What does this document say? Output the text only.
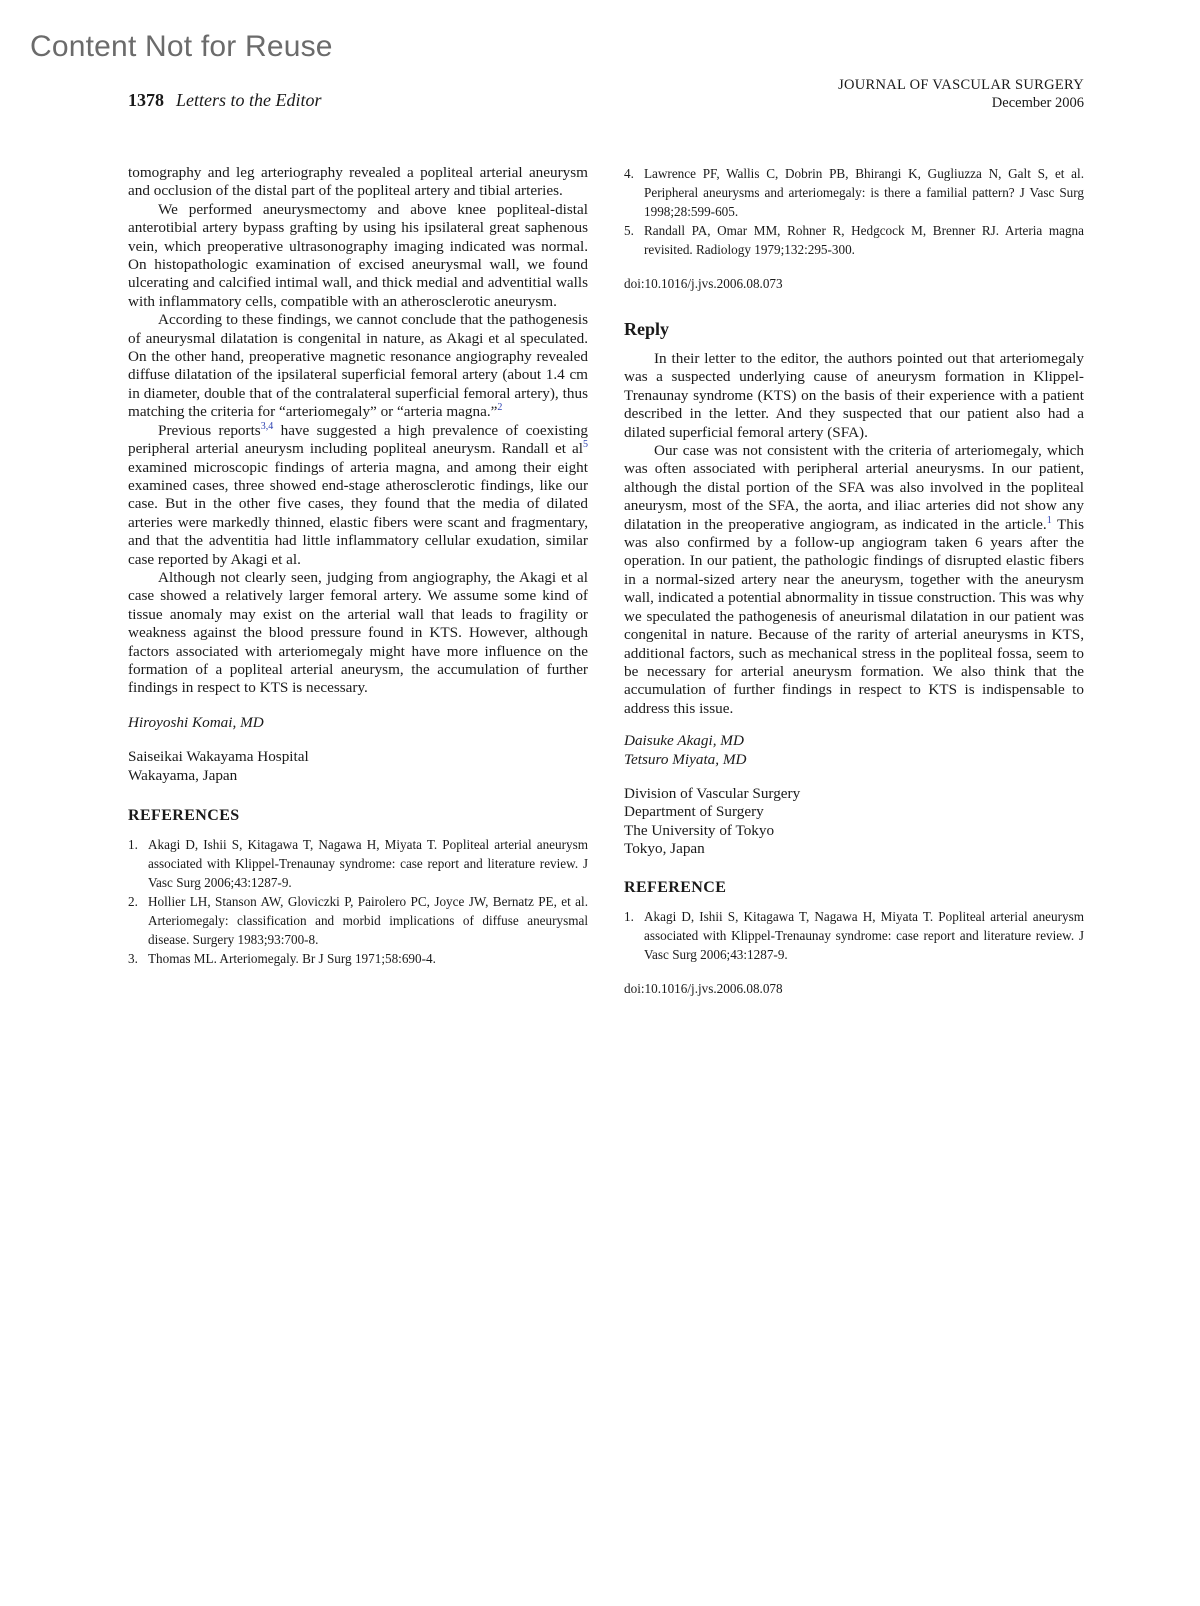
Content Not for Reuse
1378 Letters to the Editor
JOURNAL OF VASCULAR SURGERY
December 2006

tomography and leg arteriography revealed a popliteal arterial aneurysm and occlusion of the distal part of the popliteal artery and tibial arteries.

We performed aneurysmectomy and above knee popliteal-distal anterotibial artery bypass grafting by using his ipsilateral great saphenous vein, which preoperative ultrasonography imaging indicated was normal. On histopathologic examination of excised aneurysmal wall, we found ulcerating and calcified intimal wall, and thick medial and adventitial walls with inflammatory cells, compatible with an atherosclerotic aneurysm.

According to these findings, we cannot conclude that the pathogenesis of aneurysmal dilatation is congenital in nature, as Akagi et al speculated. On the other hand, preoperative magnetic resonance angiography revealed diffuse dilatation of the ipsilateral superficial femoral artery (about 1.4 cm in diameter, double that of the contralateral superficial femoral artery), thus matching the criteria for “arteriomegaly” or “arteria magna.”$^2$

Previous reports$^{3,4}$ have suggested a high prevalence of coexisting peripheral arterial aneurysm including popliteal aneurysm. Randall et al$^5$ examined microscopic findings of arteria magna, and among their eight examined cases, three showed end-stage atherosclerotic findings, like our case. But in the other five cases, they found that the media of dilated arteries were markedly thinned, elastic fibers were scant and fragmentary, and that the adventitia had little inflammatory cellular exudation, similar case reported by Akagi et al.

Although not clearly seen, judging from angiography, the Akagi et al case showed a relatively larger femoral artery. We assume some kind of tissue anomaly may exist on the arterial wall that leads to fragility or weakness against the blood pressure found in KTS. However, although factors associated with arteriomegaly might have more influence on the formation of a popliteal arterial aneurysm, the accumulation of further findings in respect to KTS is necessary.

Hiroyoshi Komai, MD

Saiseikai Wakayama Hospital

Wakayama, Japan

REFERENCES

1. Akagi D, Ishii S, Kitagawa T, Nagawa H, Miyata T. Popliteal arterial aneurysm associated with Klippel-Trenaunay syndrome: case report and literature review. J Vasc Surg 2006;43:1287-9.
2. Hollier LH, Stanson AW, Gloviczki P, Pairolero PC, Joyce JW, Bernatz PE, et al. Arteriomegaly: classification and morbid implications of diffuse aneurysmal disease. Surgery 1983;93:700-8.
3. Thomas ML. Arteriomegaly. Br J Surg 1971;58:690-4.
4. Lawrence PF, Wallis C, Dobrin PB, Bhirangi K, Gugliuzza N, Galt S, et al. Peripheral aneurysms and arteriomegaly: is there a familial pattern? J Vasc Surg 1998;28:599-605.
5. Randall PA, Omar MM, Rohner R, Hedgcock M, Brenner RJ. Arteria magna revisited. Radiology 1979;132:295-300.

doi:10.1016/j.jvs.2006.08.073

Reply

In their letter to the editor, the authors pointed out that arteriomegaly was a suspected underlying cause of aneurysm formation in Klippel-Trenaunay syndrome (KTS) on the basis of their experience with a patient described in the letter. And they suspected that our patient also had a dilated superficial femoral artery (SFA).

Our case was not consistent with the criteria of arteriomegaly, which was often associated with peripheral arterial aneurysms. In our patient, although the distal portion of the SFA was also involved in the popliteal aneurysm, most of the SFA, the aorta, and iliac arteries did not show any dilatation in the preoperative angiogram, as indicated in the article.$^1$ This was also confirmed by a follow-up angiogram taken 6 years after the operation. In our patient, the pathologic findings of disrupted elastic fibers in a normal-sized artery near the aneurysm, together with the aneurysm wall, indicated a potential abnormality in tissue construction. This was why we speculated the pathogenesis of aneurismal dilatation in our patient was congenital in nature. Because of the rarity of arterial aneurysms in KTS, additional factors, such as mechanical stress in the popliteal fossa, seem to be necessary for arterial aneurysm formation. We also think that the accumulation of further findings in respect to KTS is indispensable to address this issue.

Daisuke Akagi, MD

Tetsuro Miyata, MD

Division of Vascular Surgery

Department of Surgery

The University of Tokyo

Tokyo, Japan

REFERENCE

1. Akagi D, Ishii S, Kitagawa T, Nagawa H, Miyata T. Popliteal arterial aneurysm associated with Klippel-Trenaunay syndrome: case report and literature review. J Vasc Surg 2006;43:1287-9.

doi:10.1016/j.jvs.2006.08.078
